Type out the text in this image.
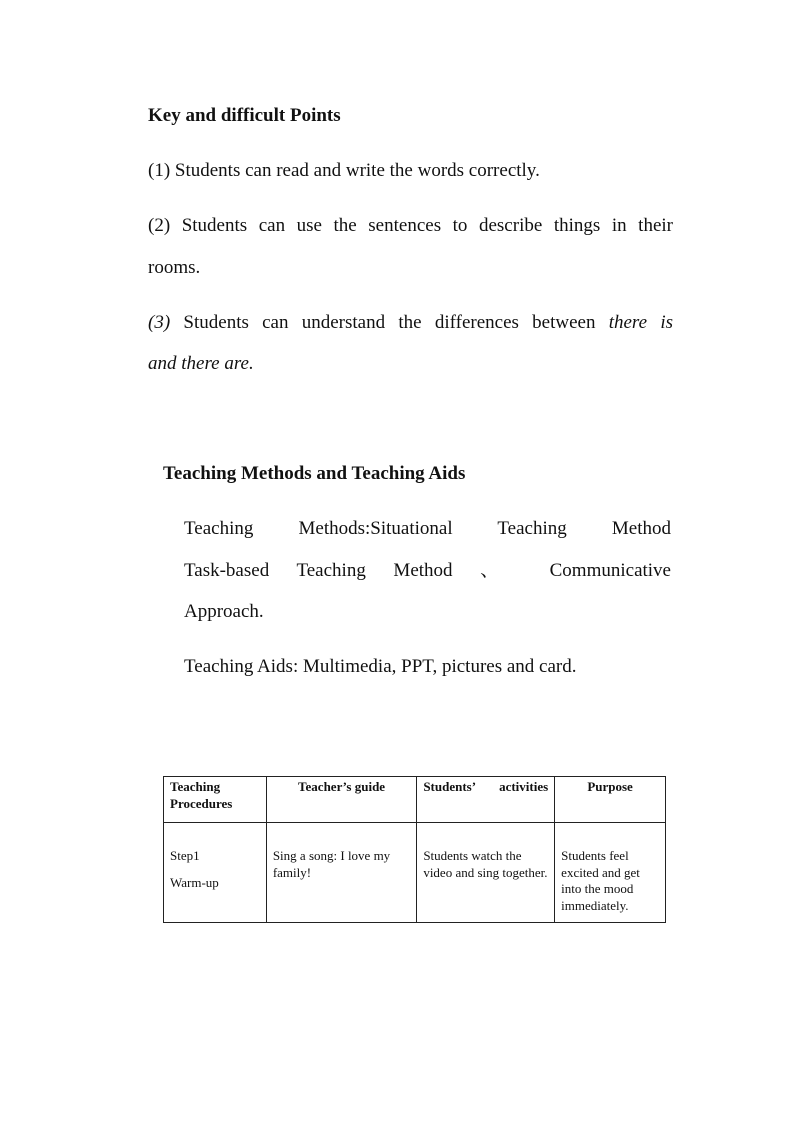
Key and difficult Points
(1) Students can read and write the words correctly.
(2) Students can use the sentences to describe things in their
rooms.
(3) Students can understand the differences between there is
and there are.
Teaching Methods and Teaching Aids
Teaching Methods:Situational Teaching Method
Task-based Teaching Method 、 Communicative
Approach.
Teaching Aids: Multimedia, PPT, pictures and card.
Teaching
Procedures	Teacher’s guide	Students’ activities	Purpose

Step1
Warm-up	Sing a song: I love my family!	Students watch the video and sing together.	Students feel excited and get into the mood immediately.
